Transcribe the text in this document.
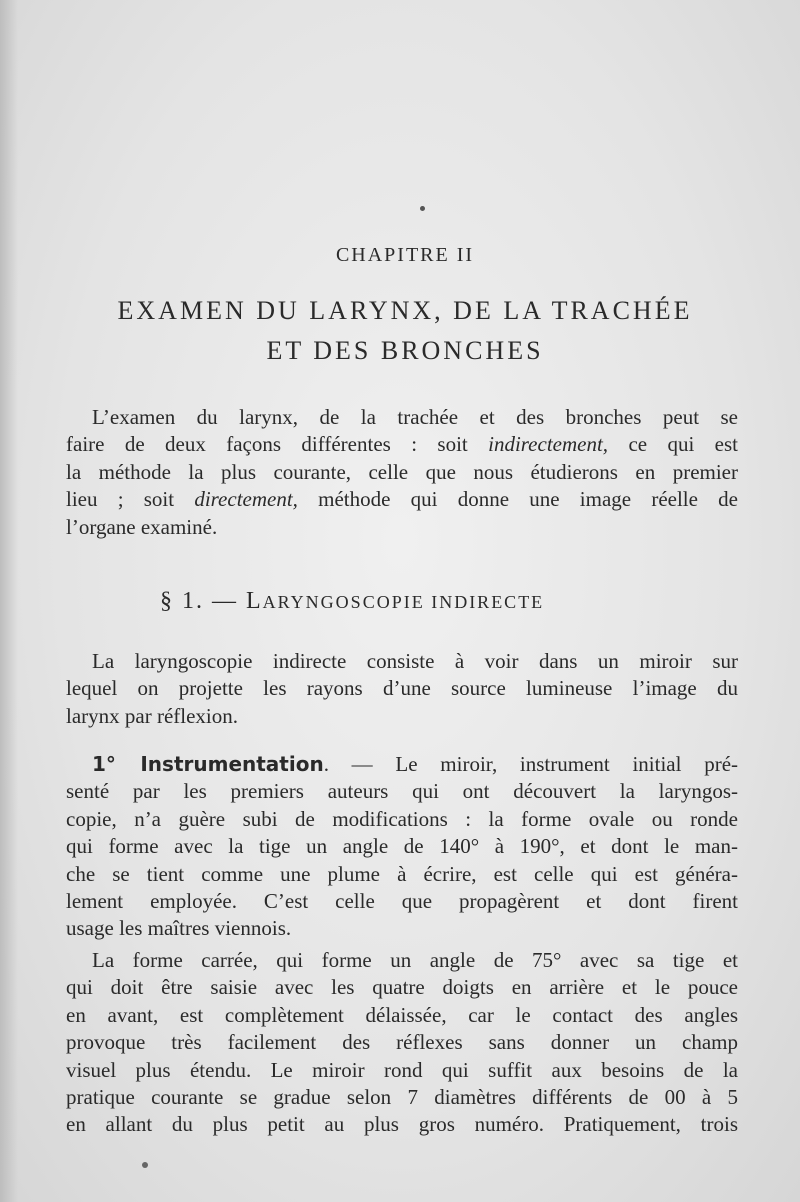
CHAPITRE II
EXAMEN DU LARYNX, DE LA TRACHÉE
ET DES BRONCHES
L’examen du larynx, de la trachée et des bronches peut se
faire de deux façons différentes : soit indirectement, ce qui est
la méthode la plus courante, celle que nous étudierons en premier
lieu ; soit directement, méthode qui donne une image réelle de
l’organe examiné.
§ 1. — LARYNGOSCOPIE INDIRECTE
La laryngoscopie indirecte consiste à voir dans un miroir sur
lequel on projette les rayons d’une source lumineuse l’image du
larynx par réflexion.
1° Instrumentation. — Le miroir, instrument initial pré-
senté par les premiers auteurs qui ont découvert la laryngos-
copie, n’a guère subi de modifications : la forme ovale ou ronde
qui forme avec la tige un angle de 140° à 190°, et dont le man-
che se tient comme une plume à écrire, est celle qui est généra-
lement employée. C’est celle que propagèrent et dont firent
usage les maîtres viennois.
La forme carrée, qui forme un angle de 75° avec sa tige et
qui doit être saisie avec les quatre doigts en arrière et le pouce
en avant, est complètement délaissée, car le contact des angles
provoque très facilement des réflexes sans donner un champ
visuel plus étendu. Le miroir rond qui suffit aux besoins de la
pratique courante se gradue selon 7 diamètres différents de 00 à 5
en allant du plus petit au plus gros numéro. Pratiquement, trois
